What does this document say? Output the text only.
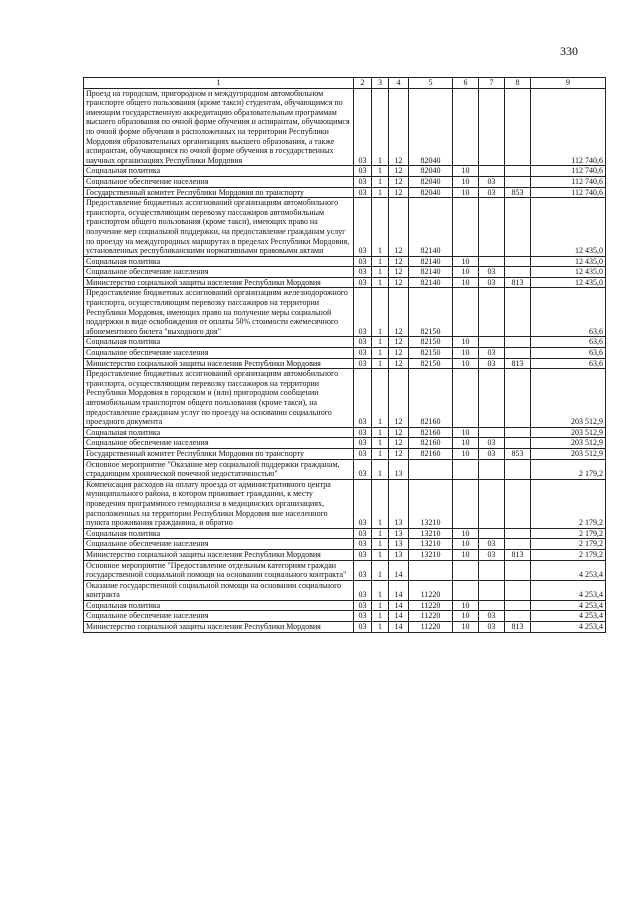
330
1	2	3	4	5	6	7	8	9
Проезд на городском, пригородном и междугородном автомобильном транспорте общего пользования (кроме такси) студентам, обучающимся по имеющим государственную аккредитацию образовательным программам высшего образования по очной форме обучения и аспирантам, обучающимся по очной форме обучения в расположенных на территории Республики Мордовия образовательных организациях высшего образования, а также аспирантам, обучающимся по очной форме обучения в государственных научных организациях Республики Мордовия	03	1	12	82040				112 740,6
Социальная политика	03	1	12	82040	10			112 740,6
Социальное обеспечение населения	03	1	12	82040	10	03		112 740,6
Государственный комитет Республики Мордовия по транспорту	03	1	12	82040	10	03	853	112 740,6
Предоставление бюджетных ассигнований организациям автомобильного транспорта, осуществляющим перевозку пассажиров автомобильным транспортом общего пользования (кроме такси), имеющих право на получение мер социальной поддержки, на предоставление гражданам услуг по проезду на междугородных маршрутах в пределах Республики Мордовия, установленных республиканскими нормативными правовыми актами	03	1	12	82140				12 435,0
Социальная политика	03	1	12	82140	10			12 435,0
Социальное обеспечение населения	03	1	12	82140	10	03		12 435,0
Министерство социальной защиты населения Республики Мордовия	03	1	12	82140	10	03	813	12 435,0
Предоставление бюджетных ассигнований организациям железнодорожного транспорта, осуществляющим перевозку пассажиров на территории Республики Мордовия, имеющих право на получение меры социальной поддержки в виде освобождения от оплаты 50% стоимости ежемесячного абонементного билета "выходного дня"	03	1	12	82150				63,6
Социальная политика	03	1	12	82150	10			63,6
Социальное обеспечение населения	03	1	12	82150	10	03		63,6
Министерство социальной защиты населения Республики Мордовия	03	1	12	82150	10	03	813	63,6
Предоставление бюджетных ассигнований организациям автомобильного транспорта, осуществляющим перевозку пассажиров на территории Республики Мордовия в городском и (или) пригородном сообщении автомобильным транспортом общего пользования (кроме такси), на предоставление гражданам услуг по проезду на основании социального проездного документа	03	1	12	82160				203 512,9
Социальная политика	03	1	12	82160	10			203 512,9
Социальное обеспечение населения	03	1	12	82160	10	03		203 512,9
Государственный комитет Республики Мордовия по транспорту	03	1	12	82160	10	03	853	203 512,9
Основное мероприятие "Оказание мер социальной поддержки гражданам, страдающим хронической почечной недостаточностью"	03	1	13					2 179,2
Компенсация расходов на оплату проезда от административного центра муниципального района, в котором проживает гражданин, к месту проведения программного гемодиализа в медицинских организациях, расположенных на территории Республики Мордовия вне населенного пункта проживания гражданина, и обратно	03	1	13	13210				2 179,2
Социальная политика	03	1	13	13210	10			2 179,2
Социальное обеспечение населения	03	1	13	13210	10	03		2 179,2
Министерство социальной защиты населения Республики Мордовия	03	1	13	13210	10	03	813	2 179,2
Основное мероприятие "Предоставление отдельным категориям граждан государственной социальной помощи на основании социального контракта"	03	1	14					4 253,4
Оказание государственной социальной помощи на основании социального контракта	03	1	14	11220				4 253,4
Социальная политика	03	1	14	11220	10			4 253,4
Социальное обеспечение населения	03	1	14	11220	10	03		4 253,4
Министерство социальной защиты населения Республики Мордовия	03	1	14	11220	10	03	813	4 253,4
